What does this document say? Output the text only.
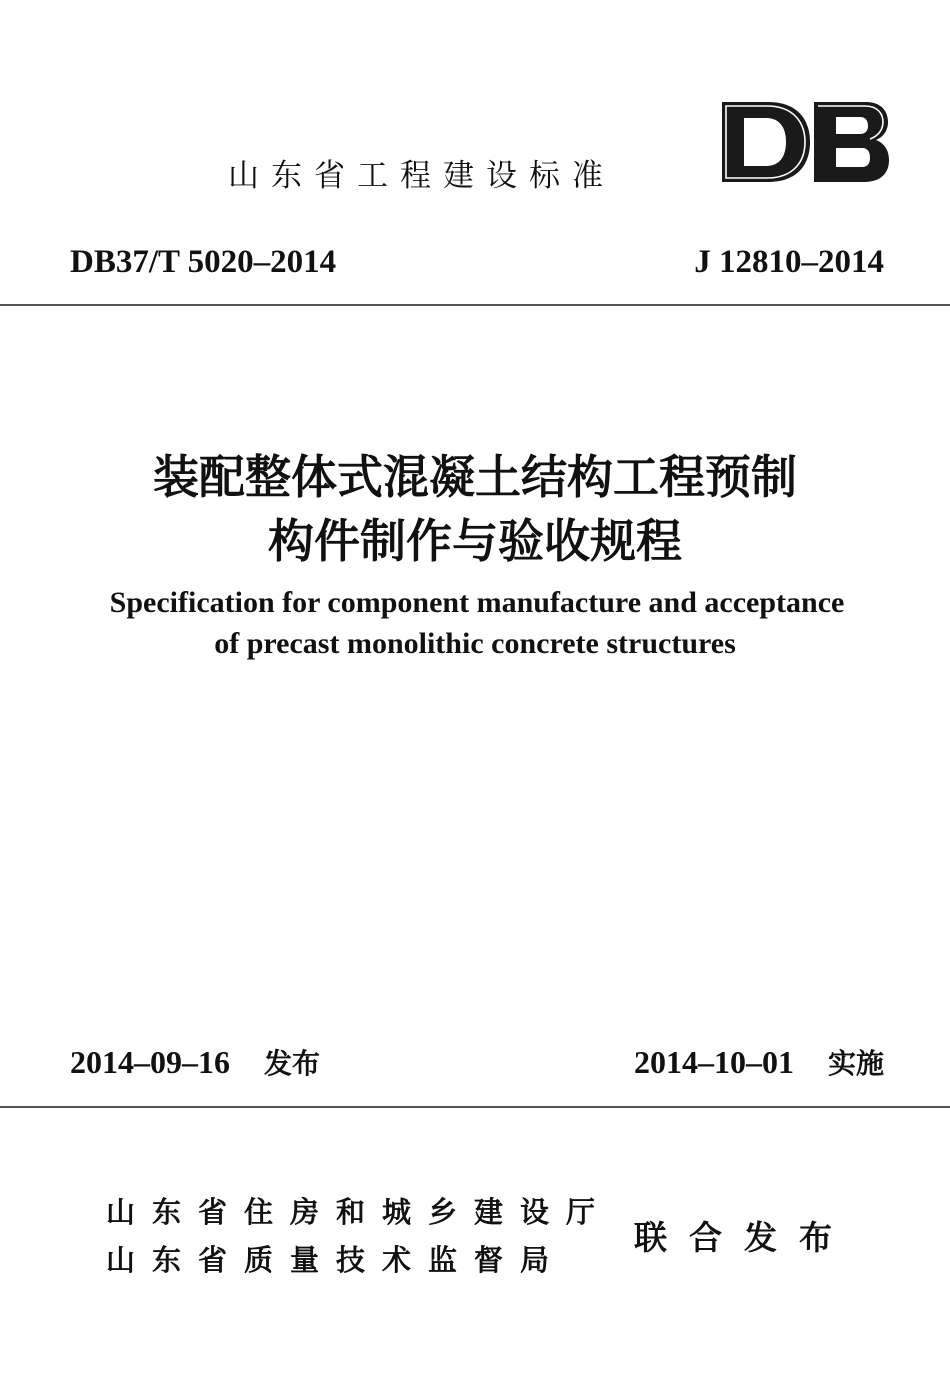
山东省工程建设标准
DB37/T 5020–2014	J 12810–2014
装配整体式混凝土结构工程预制
构件制作与验收规程
Specification for component manufacture and acceptance
of precast monolithic concrete structures
2014–09–16 发布	2014–10–01 实施
山东省住房和城乡建设厅
山东省质量技术监督局
联合发布
